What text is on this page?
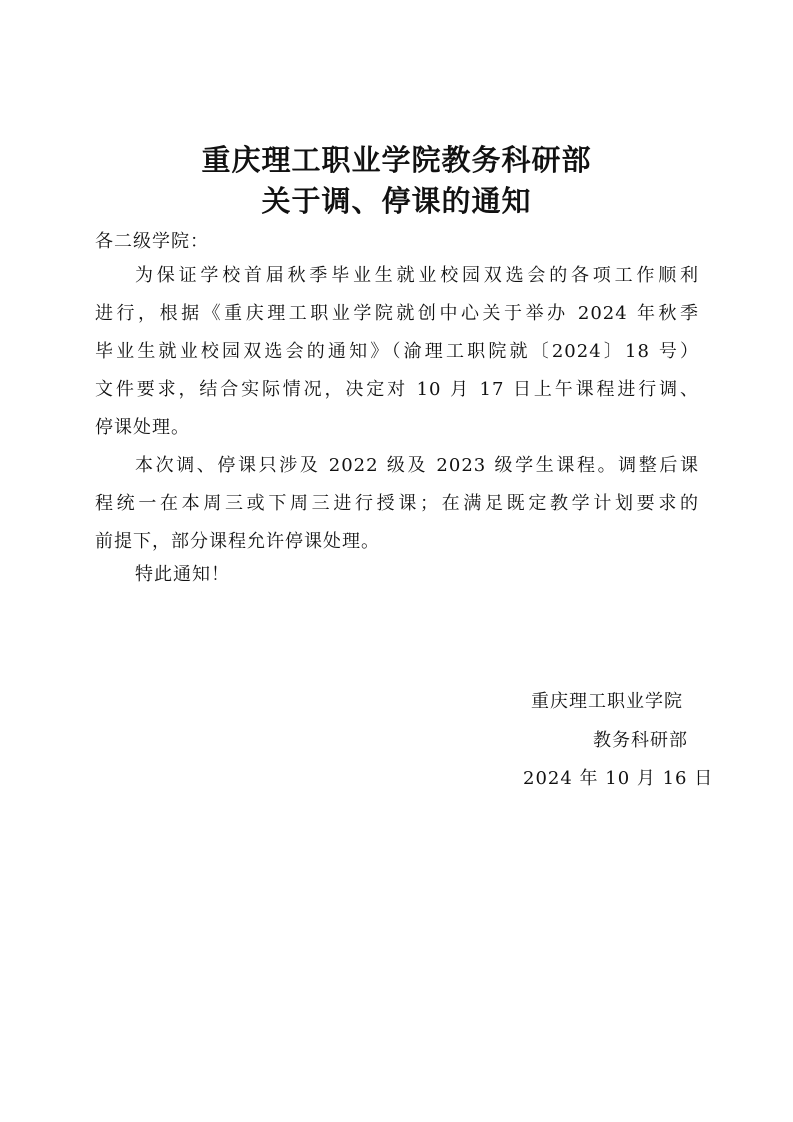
重庆理工职业学院教务科研部
关于调、停课的通知
各二级学院：
为保证学校首届秋季毕业生就业校园双选会的各项工作顺利
进行，根据《重庆理工职业学院就创中心关于举办 2024 年秋季
毕业生就业校园双选会的通知》（渝理工职院就〔2024〕18 号）
文件要求，结合实际情况，决定对 10 月 17 日上午课程进行调、
停课处理。
本次调、停课只涉及 2022 级及 2023 级学生课程。调整后课
程统一在本周三或下周三进行授课；在满足既定教学计划要求的
前提下，部分课程允许停课处理。
特此通知！
重庆理工职业学院
教务科研部
2024 年 10 月 16 日
